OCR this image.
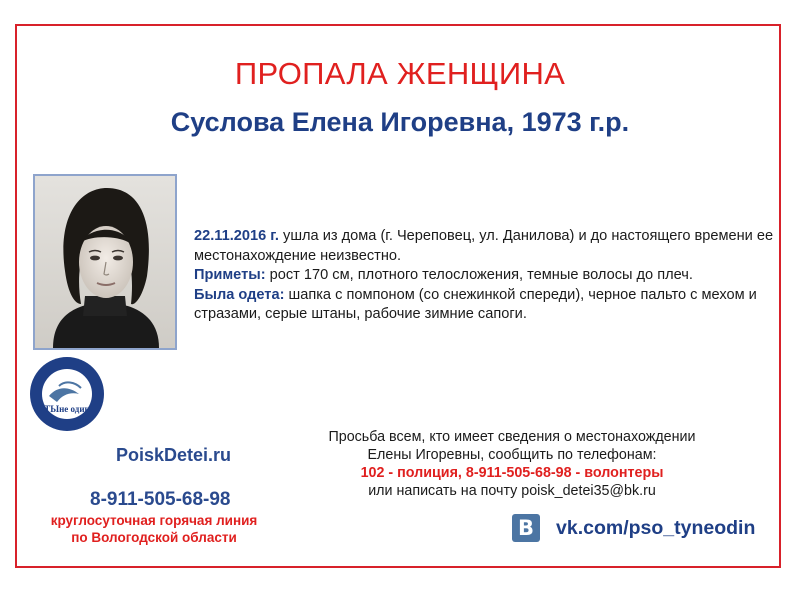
ПРОПАЛА ЖЕНЩИНА
Суслова Елена Игоревна, 1973 г.р.
ТЫне один

22.11.2016 г. ушла из дома (г. Череповец, ул. Данилова) и до настоящего времени ее местонахождение неизвестно.

Приметы: рост 170 см, плотного телосложения, темные волосы до плеч.

Была одета: шапка с помпоном (со снежинкой спереди), черное пальто с мехом и стразами, серые штаны, рабочие зимние сапоги.

PoiskDetei.ru
8-911-505-68-98
круглосуточная горячая линия
по Вологодской области
Просьба всем, кто имеет сведения о местонахождении
Елены Игоревны, сообщить по телефонам:
102 - полиция, 8-911-505-68-98 - волонтеры
или написать на почту poisk_detei35@bk.ru
B	vk.com/pso_tyneodin
